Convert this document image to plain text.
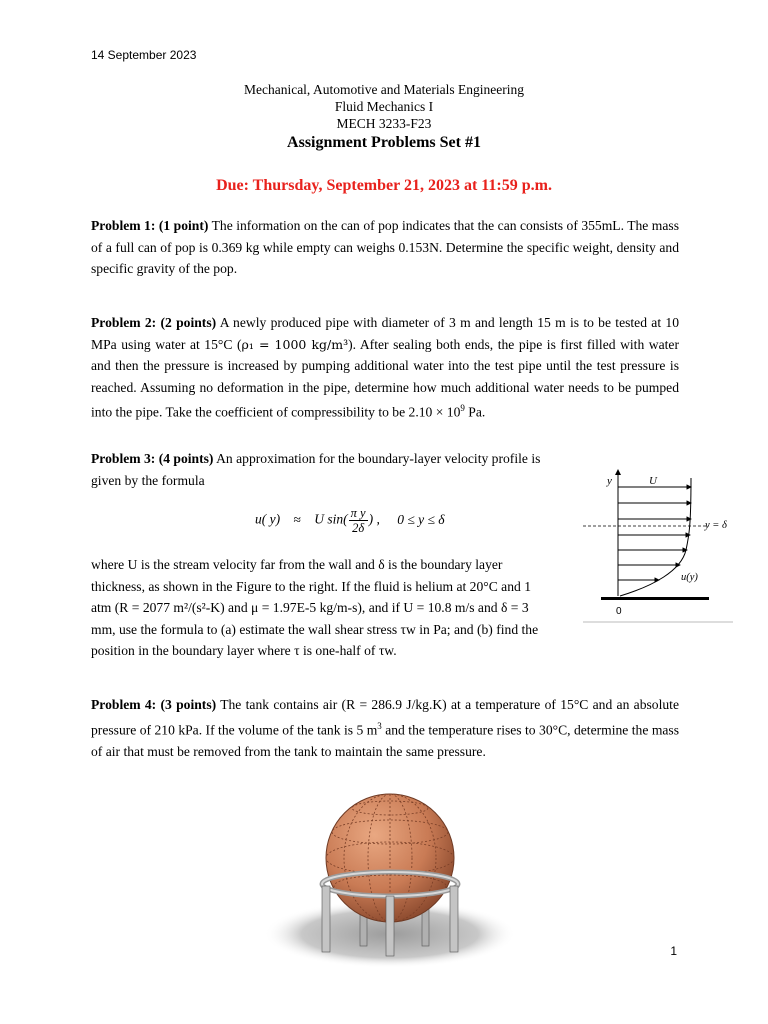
14 September 2023
Mechanical, Automotive and Materials Engineering
Fluid Mechanics I
MECH 3233-F23
Assignment Problems Set #1
Due: Thursday, September 21, 2023 at 11:59 p.m.
Problem 1: (1 point) The information on the can of pop indicates that the can consists of 355mL. The mass of a full can of pop is 0.369 kg while empty can weighs 0.153N. Determine the specific weight, density and specific gravity of the pop.
Problem 2: (2 points) A newly produced pipe with diameter of 3 m and length 15 m is to be tested at 10 MPa using water at 15°C (ρ₁ = 1000 kg/m³). After sealing both ends, the pipe is first filled with water and then the pressure is increased by pumping additional water into the test pipe until the test pressure is reached. Assuming no deformation in the pipe, determine how much additional water needs to be pumped into the pipe. Take the coefficient of compressibility to be $2.10 \times 10^9$ Pa.
Problem 3: (4 points) An approximation for the boundary-layer velocity profile is given by the formula
u( y) ≈ U $\sin( \frac{\text{π y}}{2\delta}$ ) , 0 ≤ y ≤ δ
where U is the stream velocity far from the wall and δ is the boundary layer thickness, as shown in the Figure to the right. If the fluid is helium at 20°C and 1 atm (R = 2077 m²/(s²-K) and μ = 1.97E-5 kg/m-s), and if U = 10.8 m/s and δ = 3 mm, use the formula to (a) estimate the wall shear stress τw in Pa; and (b) find the position in the boundary layer where τ is one-half of τw.
y	U
y = δ
u(y)
0
Problem 4: (3 points) The tank contains air (R = 286.9 J/kg.K) at a temperature of 15°C and an absolute pressure of 210 kPa. If the volume of the tank is 5 $m^3$ and the temperature rises to 30°C, determine the mass of air that must be removed from the tank to maintain the same pressure.
1
